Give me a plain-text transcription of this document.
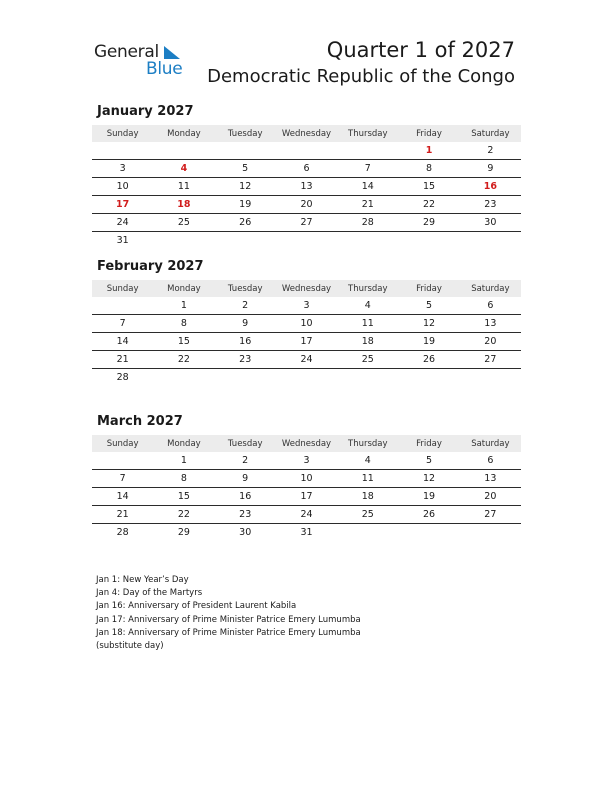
General
Blue
Quarter 1 of 2027
Democratic Republic of the Congo
January 2027
Sunday	Monday	Tuesday	Wednesday	Thursday	Friday	Saturday
					1	2
3	4	5	6	7	8	9
10	11	12	13	14	15	16
17	18	19	20	21	22	23
24	25	26	27	28	29	30
31						
February 2027
Sunday	Monday	Tuesday	Wednesday	Thursday	Friday	Saturday
	1	2	3	4	5	6
7	8	9	10	11	12	13
14	15	16	17	18	19	20
21	22	23	24	25	26	27
28						

March 2027
Sunday	Monday	Tuesday	Wednesday	Thursday	Friday	Saturday
	1	2	3	4	5	6
7	8	9	10	11	12	13
14	15	16	17	18	19	20
21	22	23	24	25	26	27
28	29	30	31			

Jan 1: New Year’s Day
Jan 4: Day of the Martyrs
Jan 16: Anniversary of President Laurent Kabila
Jan 17: Anniversary of Prime Minister Patrice Emery Lumumba
Jan 18: Anniversary of Prime Minister Patrice Emery Lumumba
(substitute day)
